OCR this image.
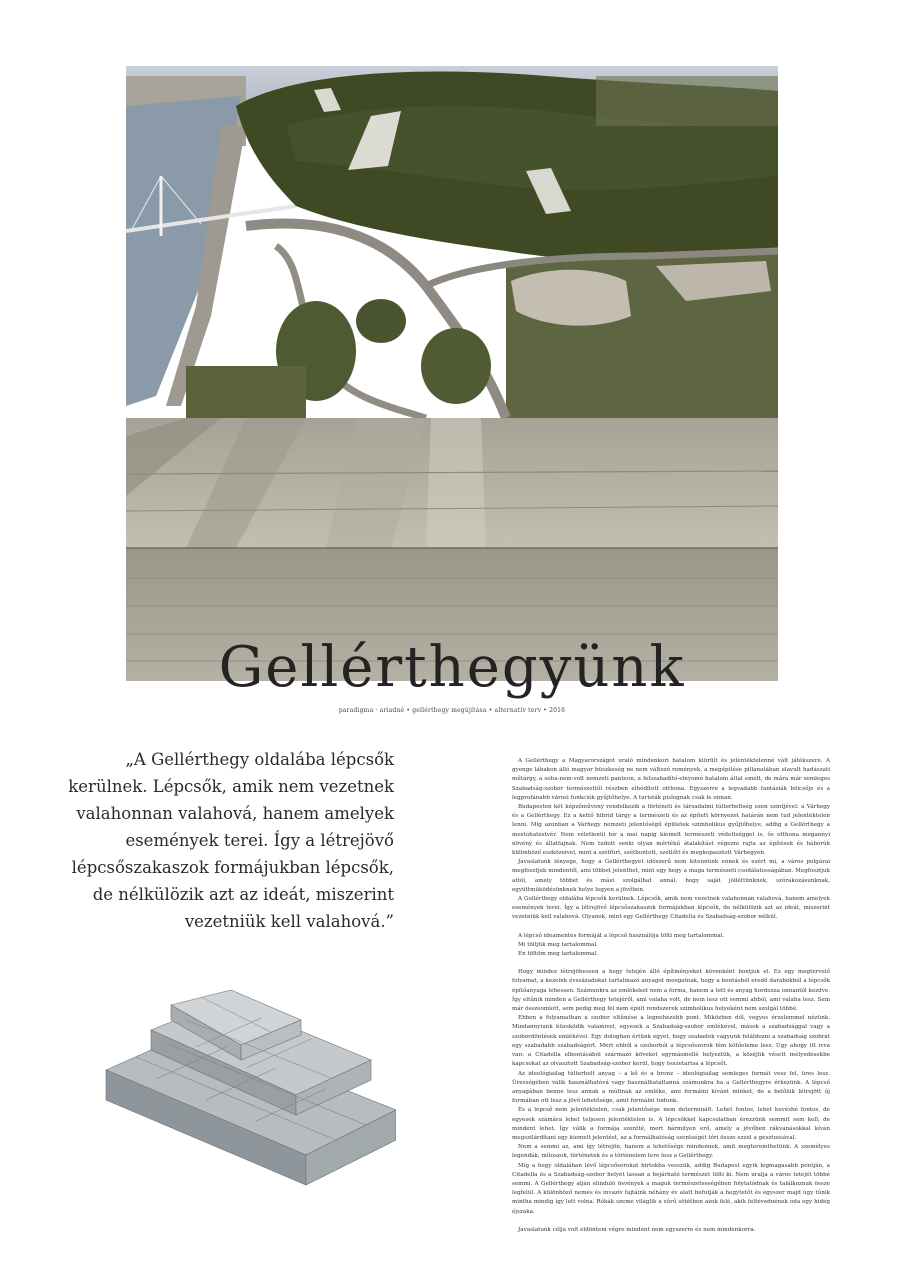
Gellérthegyünk
paradigma · ariadné • gellérthegy megújítása • alternatív terv • 2016

„A Gellérthegy oldalába lépcsők kerülnek. Lépcsők, amik nem vezetnek valahonnan valahová, hanem amelyek események terei. Így a létrejövő lépcsőszakaszok formájukban lépcsők, de nélkülözik azt az ideát, miszerint vezetniük kell valahová.”

A Gellérthegy a Magyarországot uraló mindenkori hatalom kiürült és jelentéktelenné vált játékszere. A gyenge lábakon álló magyar büszkeség ne nem változó remények, a megépítése pillanatában elavult hadászati műtárgy, a soha-nem-volt nemzeti panteon, a felszabadító-elnyomó hatalom által emelt, de mára már semleges Szabadság-szobor természettől részben elhódított otthona. Egyszerre a legvadabb fantáziák bölcsője és a legprofánabb városi funkciók gyűjtőhelye. A turisták pislognak csak le onnan.

Budapesten két képzőműveny rendelkezik a történeti és társadalmi túlterheltség ezen szintjével: a Várhegy és a Gellérthegy. Ez a kettő hibrid tárgy a természeti és az épített környezet határán nem tud jelentéktelen lenni. Míg azonban a Várhegy nemzeti jelentőségű épületek szimbolikus gyűjtőhelye, addig a Gellérthegy a mostohatestvér. Nem véletlenül bír a mai napig kiemelt természeti védettséggel is, ős otthona megannyi növény és állatfajnak. Nem tudott senki olyan mértékű átalakítást végezni rajta az építések és háborúk különböző eszközeivel, mint a szétfúrt, szétbontott, szétlőtt és megkopasztott Várhegyen.

Javaslatunk lényege, hogy a Gellérthegyet időszerű nem kitennünk ennek és ezért mi, a város polgárai megfosztjuk mindentől, ami többet jelenthet, mint egy hegy a maga természeti csodálatosságában. Megfosztjuk attól, amely többet és mást szolgálhat annál, hogy saját jólléttünknek, szórakozásunknak, együttműködésünknek helye legyen a jövőben.

A Gellérthegy oldalába lépcsők kerülnek. Lépcsők, amik nem vezetnek valahonnan valahová, hanem amelyek események terei. Így a létrejövő lépcsőszakaszok formájukban lépcsők, de nélkülözik azt az ideát, miszerint vezetniük kell valahová. Olyanok, mint egy Gellérthegy Citadella és Szabadság-szobor nélkül.

A lépcső ideamentes formáját a lépcső használója tölti meg tartalommal.
Mi töltjük meg tartalommal.
Én töltöm meg tartalommal.

Hogy mindez létrejöhessen a hegy tetején álló építményeket kövenként bontjuk el. Ez egy megtervelő folyamat, a kezeink évszázadokat tartalmazó anyagot mozgatnak, hogy a bontásból eredő darabokból a lépcsők építőanyaga lehessen. Számunkra az emlékeket nem a forma, hanem a tett és anyag hordozza onnantól kezdve. Így eltűnik minden a Gellérthegy tetejéről, ami valaha volt, de nem lesz ott semmi abból, ami valaha lesz. Sem már összeomlott, sem pedig meg fel nem épült rendszerek szimbolikus helyeként nem szolgál többé.

Ebben a folyamatban a szobor eltűnése a legnehezebb pont. Miközben dől, vegyes érzelemmel nézünk. Mindannyiunk küzsködik valamivel, egyesek a Szabadság-szobor emlékével, mások a szabadsággal vagy a szobordöntések emlékével. Egy dologban értünk egyet, hogy szabadok vagyunk feláldozni a szabadság szobrát egy szabadabb szabadságért. Mert ebből a szoborból a lépcsőszorok fém kötőeleme lesz. Úgy ahogy itt ivva van: a Citadella elbontásából származó köveket egymásmellé helyeztük, a közéjük vésett mélyedésekbe kapcsokat az olvasztott Szabadság-szobor kerül, hogy összetartsa a lépcsőt.

Az ideológiailag túlterhelt anyag – a kő és a bronz – ideológiailag semleges formát vesz fel, üres lesz. Ürességében válik használhatóvá vagy használhatatlanná számunkra ha a Gellérthegyre érkezünk. A lépcső anyagában benne lesz annak a múltnak az emléke, ami formálni kívánt minket, de a belőlük létrejött új formában ott lesz a jövő lehetősége, amit formálni tudunk.

És a lépcső nem jelentéktelen, csak jelentősége nem determinált. Lehet fontos, lehet kevésbé fontos, de egyesek számára lehet teljesen jelentéktelen is. A lépcsőkkel kapcsolatban érezzünk semmit sem kell, de mindent lehet. Így válik a formája szentté, mert bármilyen erő, amely a jövőben rákvanásokkal kíván megszilárdítani egy kiemelt jelentést, az a formálhatóság szentségét tóri össze ezzel a gesztussával.

Nem a semmi az, ami így létrejön, hanem a lehetősége mindennek, amit megteremthetünk. A személyes legendák, mítoszok, történetek és a történelem tere lesz a Gellérthegy.

Míg a hegy oldalában lévő lépcsősorokat birtokba vesszük, addig Budapest egyik legmagasabb pontján, a Citadella és a Szabadság-szobor helyét lassan a bejárható természet tölti ki. Nem uralja a város tetejét többé semmi. A Gellérthegy alján elinduló ösvények a maguk természetességében folytatódnak és találkoznak össze legfelül. A különböző nemes és invazív fajtáink néhány év alatt befutják a hegytetőt és egyszer majd úgy tűnik mintha mindig így lett volna. Rókák szeme világlik a sűrű sötétben azok felé, akik feltévednének oda egy hideg éjszaka.

Javaslatunk célja volt eldönteni végre mindent nem egyszerre és nem mindenkorra.
